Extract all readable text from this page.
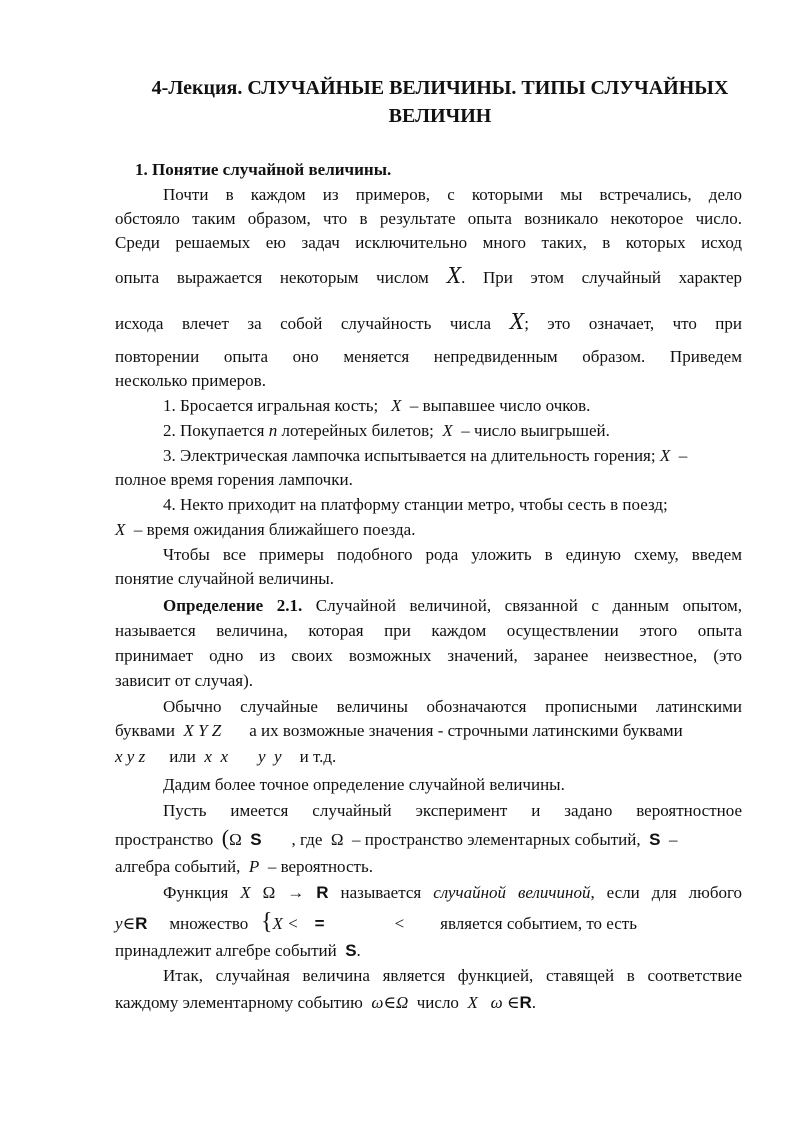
4-Лекция. СЛУЧАЙНЫЕ ВЕЛИЧИНЫ. ТИПЫ СЛУЧАЙНЫХ ВЕЛИЧИН
1. Понятие случайной величины.
Почти в каждом из примеров, с которыми мы встречались, дело
обстояло таким образом, что в результате опыта возникало некоторое число.
Среди решаемых ею задач исключительно много таких, в которых исход
опыта выражается некоторым числом X. При этом случайный характер
исхода влечет за собой случайность числа X; это означает, что при
повторении опыта оно меняется непредвиденным образом. Приведем
несколько примеров.
1. Бросается игральная кость; X – выпавшее число очков.
2. Покупается n лотерейных билетов; X – число выигрышей.
3. Электрическая лампочка испытывается на длительность горения; X –
полное время горения лампочки.
4. Некто приходит на платформу станции метро, чтобы сесть в поезд;
X – время ожидания ближайшего поезда.
Чтобы все примеры подобного рода уложить в единую схему, введем
понятие случайной величины.
Определение 2.1. Случайной величиной, связанной с данным опытом,
называется величина, которая при каждом осуществлении этого опыта
принимает одно из своих возможных значений, заранее неизвестное, (это
зависит от случая).
Обычно случайные величины обозначаются прописными латинскими
буквами X Y Z а их возможные значения - строчными латинскими буквами
x y z или x x y y и т.д.
Дадим более точное определение случайной величины.
Пусть имеется случайный эксперимент и задано вероятностное
пространство (Ω S , где Ω – пространство элементарных событий, S –
алгебра событий, P – вероятность.
Функция X Ω → R называется случайной величиной, если для любого
y∈R множество {X < =	< является событием, то есть
принадлежит алгебре событий S.
Итак, случайная величина является функцией, ставящей в соответствие
каждому элементарному событию ω∈Ω число X ω ∈R.
